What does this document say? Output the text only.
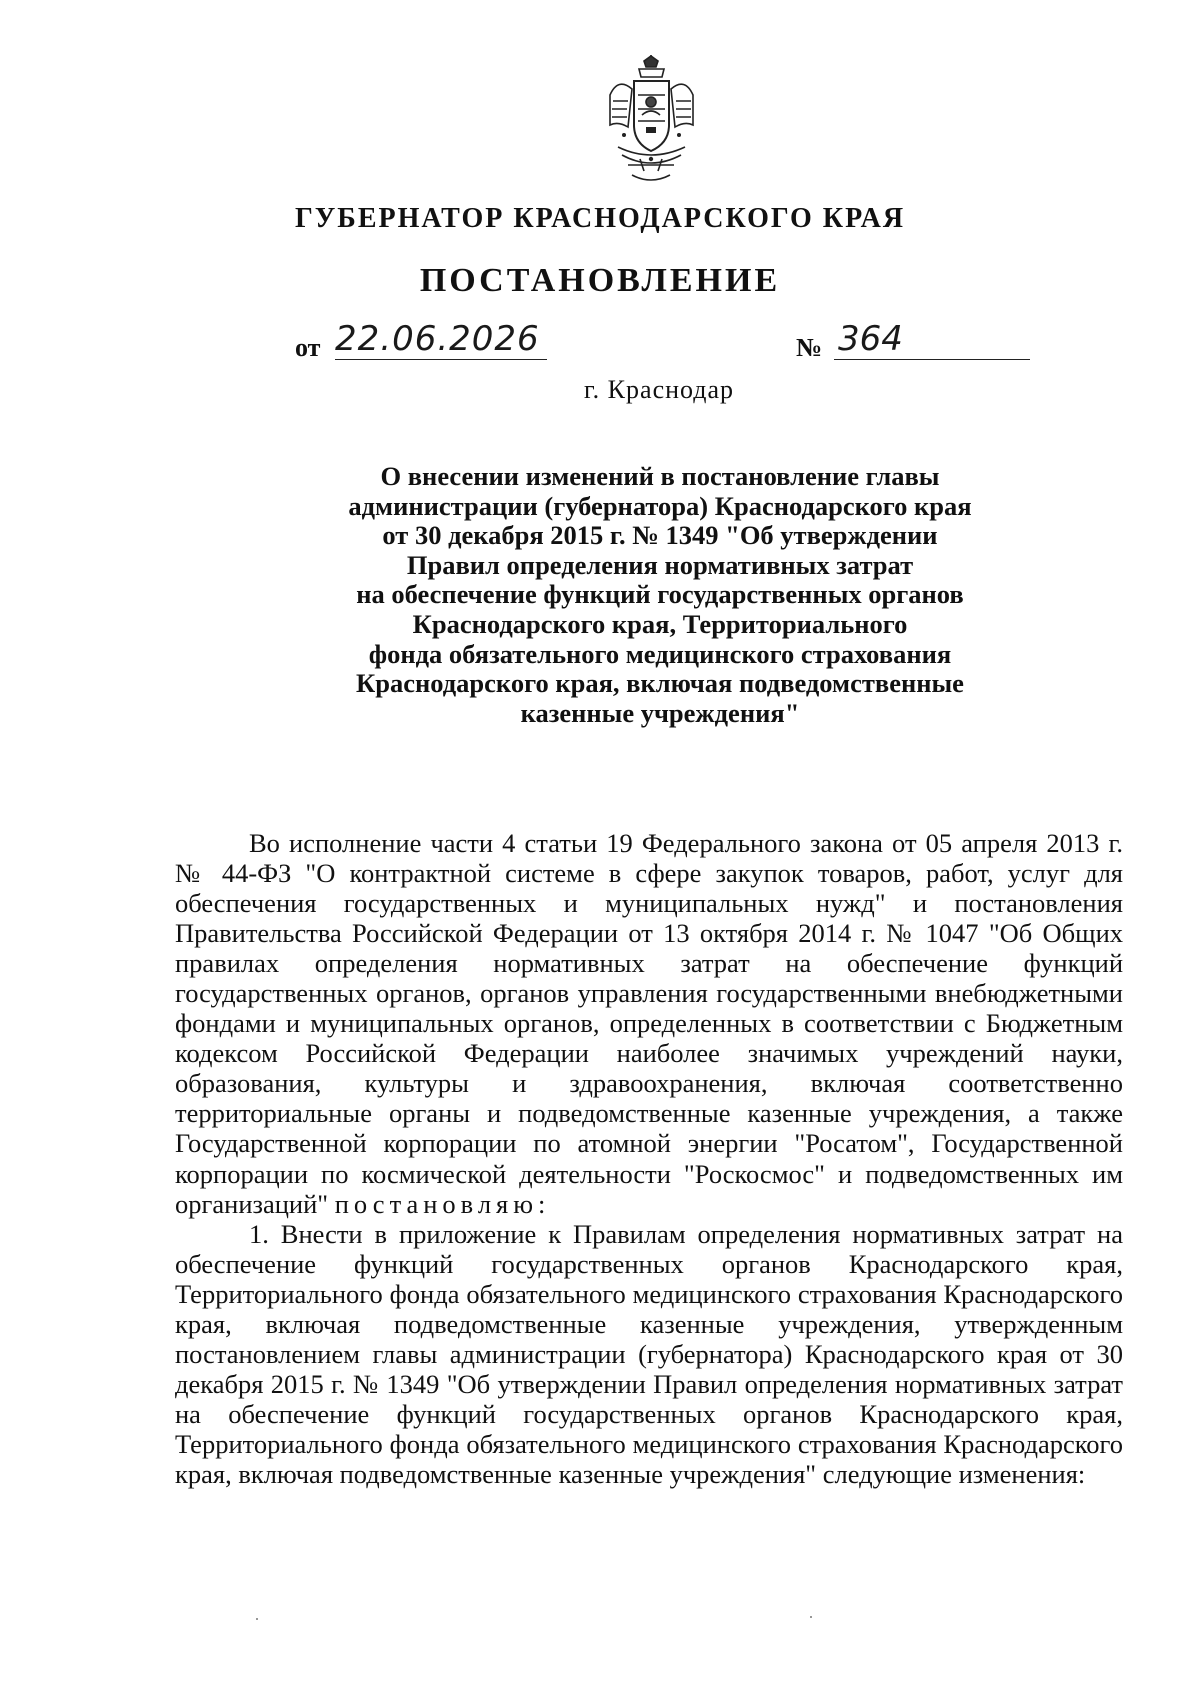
ГУБЕРНАТОР КРАСНОДАРСКОГО КРАЯ
ПОСТАНОВЛЕНИЕ
от 22.06.2026	№ 364
г. Краснодар
О внесении изменений в постановление главы
администрации (губернатора) Краснодарского края
от 30 декабря 2015 г. № 1349 "Об утверждении
Правил определения нормативных затрат
на обеспечение функций государственных органов
Краснодарского края, Территориального
фонда обязательного медицинского страхования
Краснодарского края, включая подведомственные
казенные учреждения"

Во исполнение части 4 статьи 19 Федерального закона от 05 апреля 2013 г. № 44-ФЗ "О контрактной системе в сфере закупок товаров, работ, услуг для обеспечения государственных и муниципальных нужд" и постановления Правительства Российской Федерации от 13 октября 2014 г. № 1047 "Об Общих правилах определения нормативных затрат на обеспечение функций государственных органов, органов управления государственными внебюджетными фондами и муниципальных органов, определенных в соответствии с Бюджетным кодексом Российской Федерации наиболее значимых учреждений науки, образования, культуры и здравоохранения, включая соответственно территориальные органы и подведомственные казенные учреждения, а также Государственной корпорации по атомной энергии "Росатом", Государственной корпорации по космической деятельности "Роскосмос" и подведомственных им организаций" постановляю:

1. Внести в приложение к Правилам определения нормативных затрат на обеспечение функций государственных органов Краснодарского края, Территориального фонда обязательного медицинского страхования Краснодарского края, включая подведомственные казенные учреждения, утвержденным постановлением главы администрации (губернатора) Краснодарского края от 30 декабря 2015 г. № 1349 "Об утверждении Правил определения нормативных затрат на обеспечение функций государственных органов Краснодарского края, Территориального фонда обязательного медицинского страхования Краснодарского края, включая подведомственные казенные учреждения" следующие изменения:
